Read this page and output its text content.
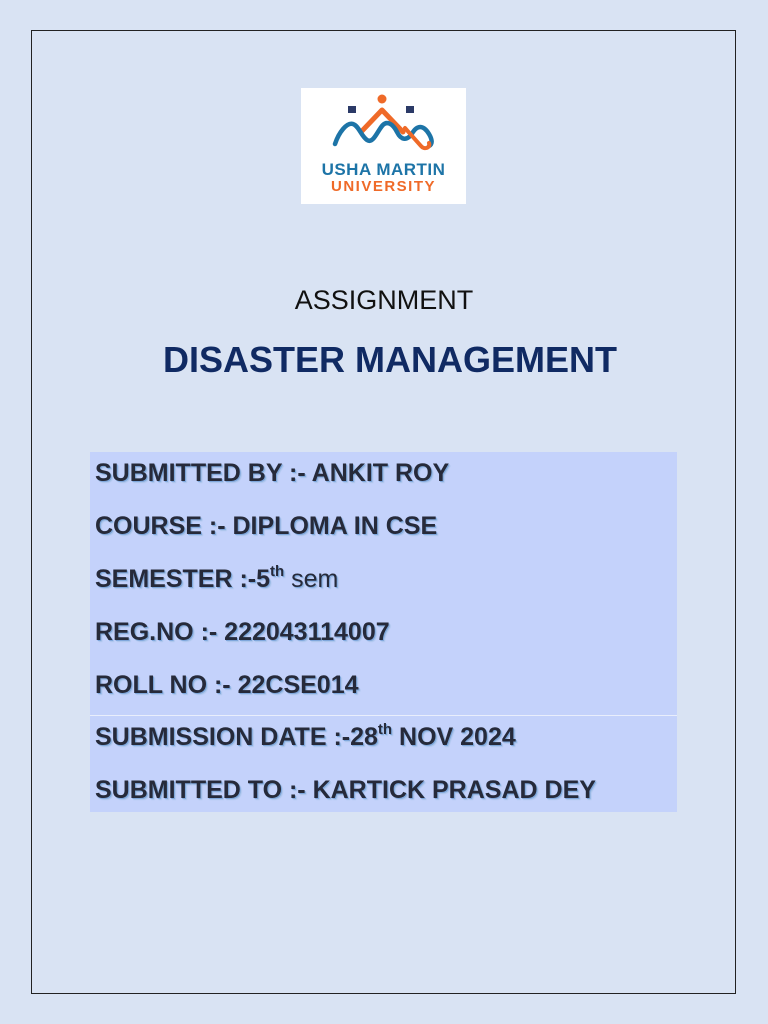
USHA MARTIN
UNIVERSITY
ASSIGNMENT
DISASTER MANAGEMENT
SUBMITTED BY :- ANKIT ROY
COURSE :- DIPLOMA IN CSE
SEMESTER :-5th sem
REG.NO :- 222043114007
ROLL NO :- 22CSE014
SUBMISSION DATE :-28th NOV 2024
SUBMITTED TO :- KARTICK PRASAD DEY
